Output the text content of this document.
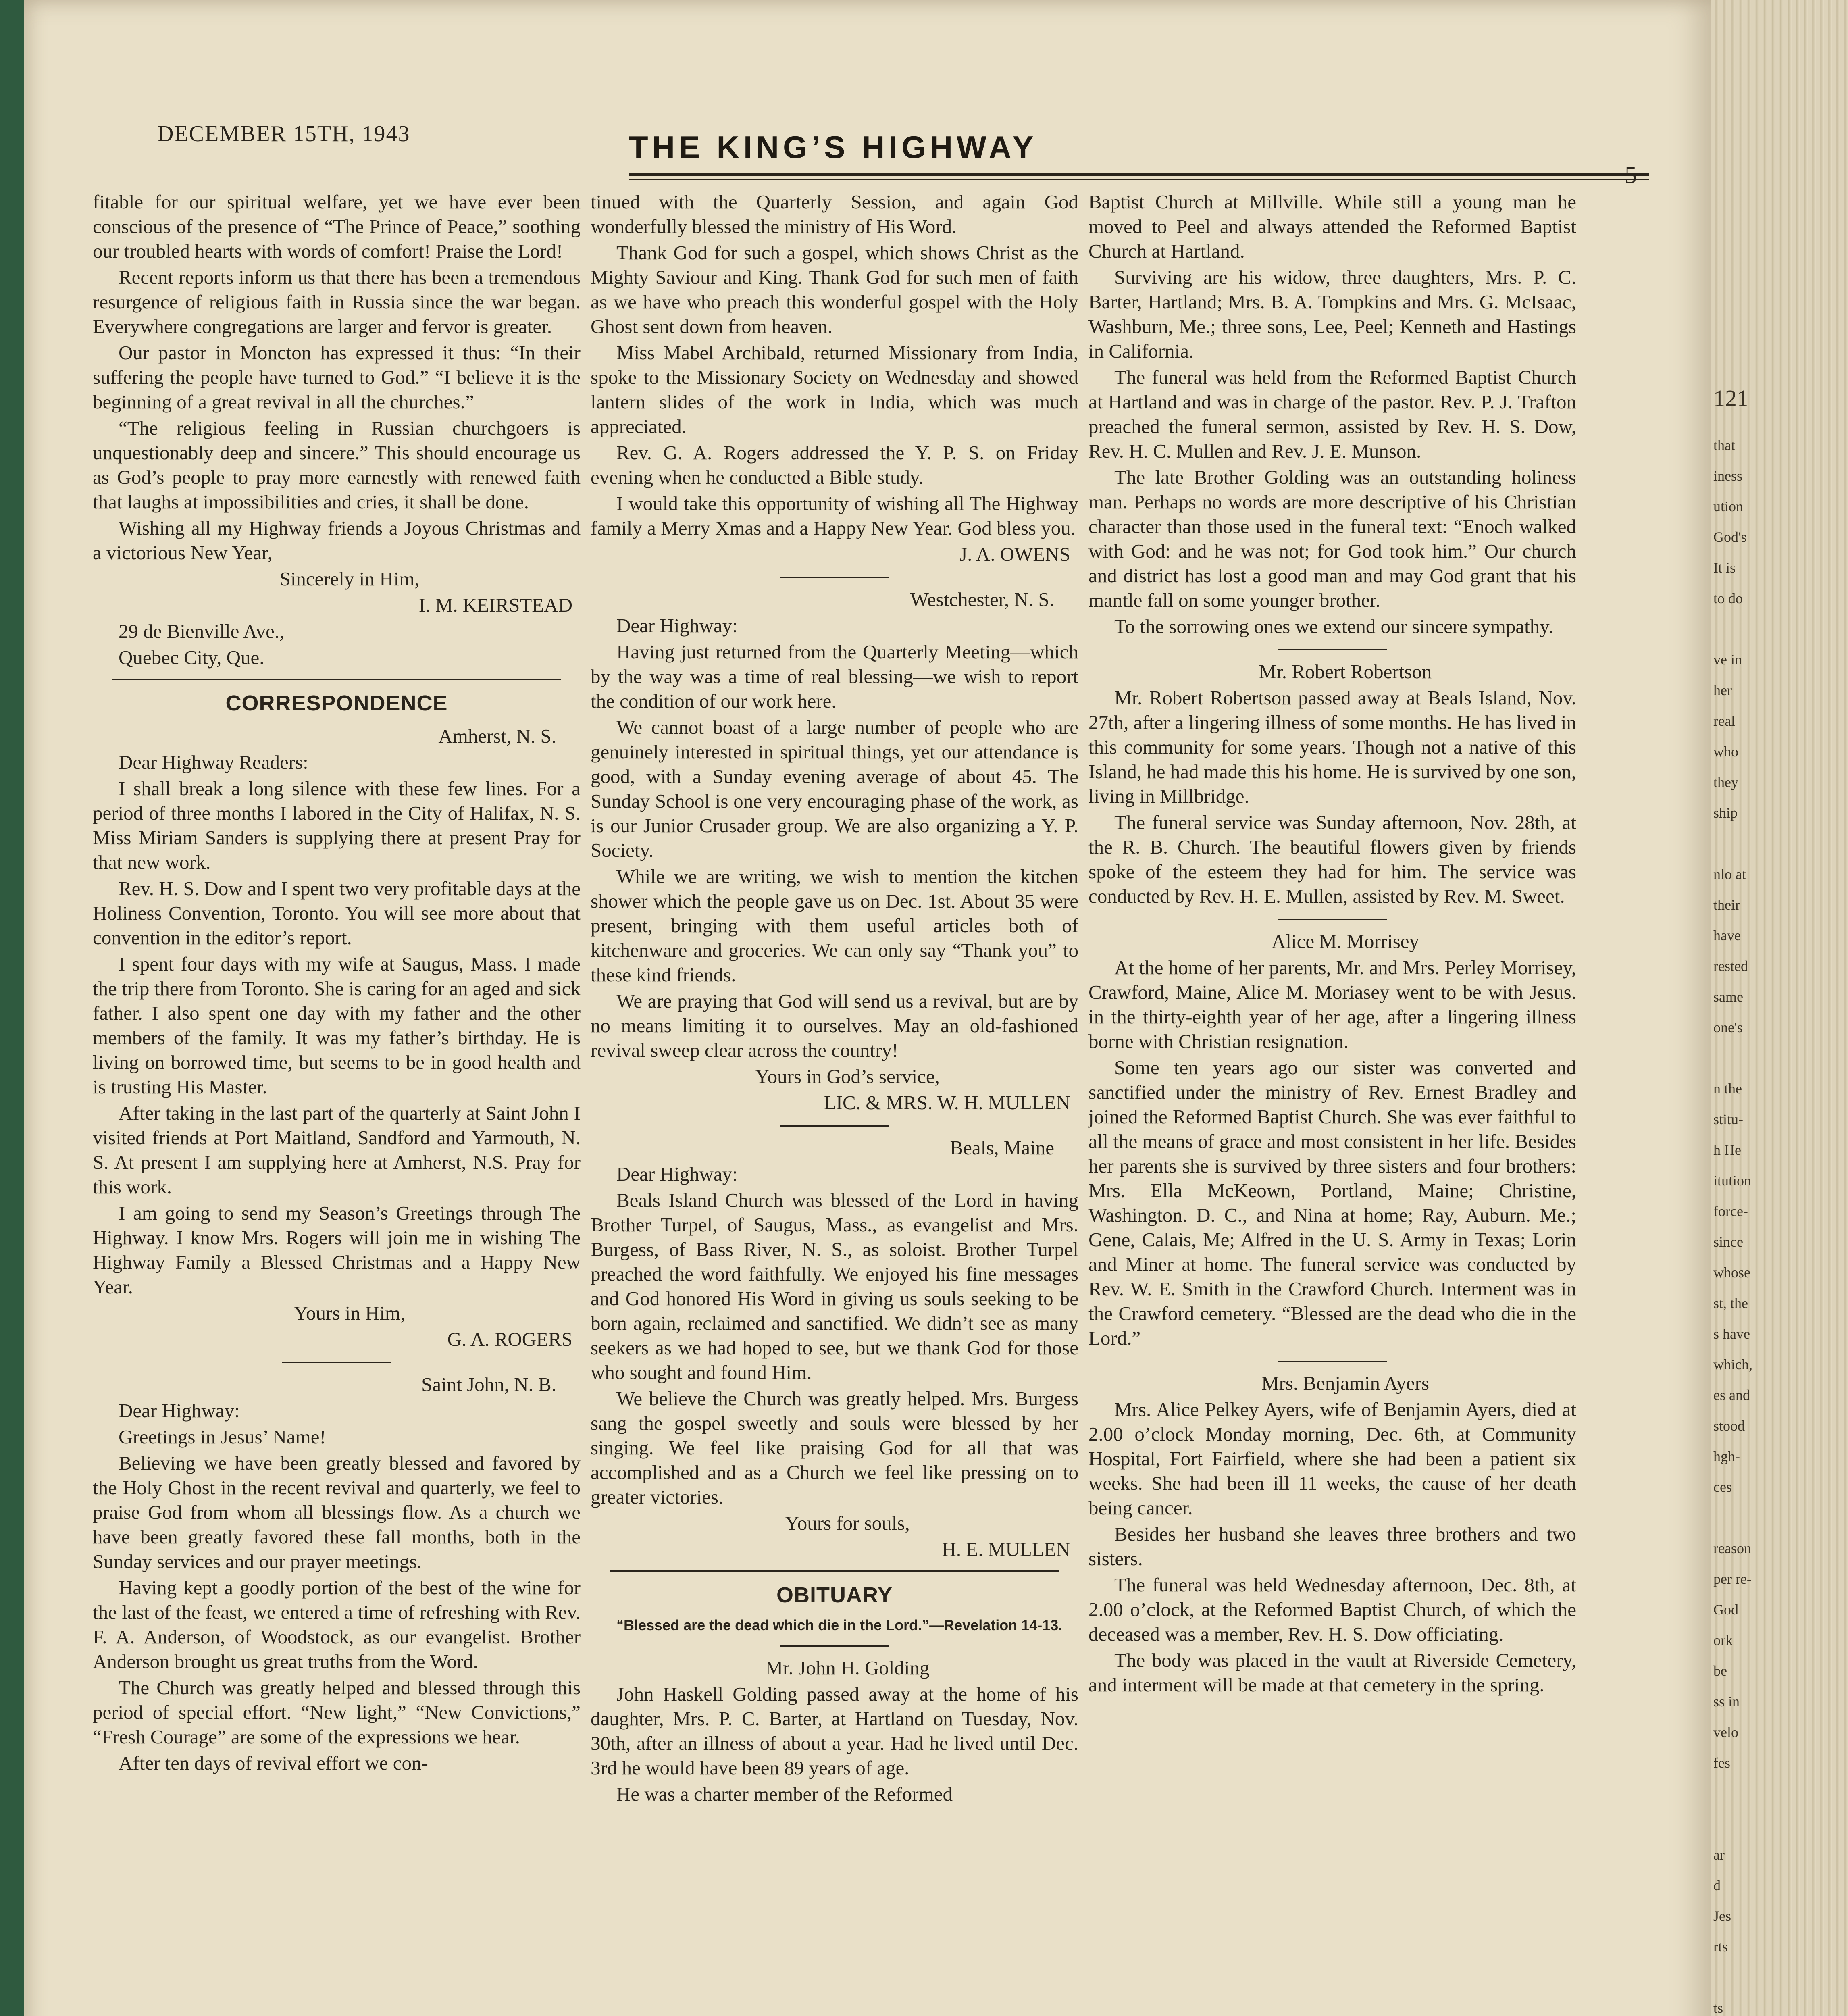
121
that
iness
ution
God's
It is
to do

ve in
her
real
who
they
ship

nlo at
their
have
rested
same
one's

n the
stitu-
h He
itution
force-
since
whose
st, the
s have
which,
es and
stood
hgh-
ces

reason
per re-
God
ork
be
ss in
velo
fes

ar
d
Jes
rts

ts

DECEMBER 15TH, 1943	THE KING’S HIGHWAY

fitable for our spiritual welfare, yet we have ever been conscious of the presence of “The Prince of Peace,” soothing our troubled hearts with words of comfort! Praise the Lord!

Recent reports inform us that there has been a tremendous resurgence of religious faith in Russia since the war began. Everywhere congregations are larger and fervor is greater.

Our pastor in Moncton has expressed it thus: “In their suffering the people have turned to God.” “I believe it is the beginning of a great revival in all the churches.”

“The religious feeling in Russian churchgoers is unquestionably deep and sincere.” This should encourage us as God’s people to pray more earnestly with renewed faith that laughs at impossibilities and cries, it shall be done.

Wishing all my Highway friends a Joyous Christmas and a victorious New Year,

Sincerely in Him,

I. M. KEIRSTEAD

29 de Bienville Ave.,

Quebec City, Que.

CORRESPONDENCE

Amherst, N. S.

Dear Highway Readers:

I shall break a long silence with these few lines. For a period of three months I labored in the City of Halifax, N. S. Miss Miriam Sanders is supplying there at present Pray for that new work.

Rev. H. S. Dow and I spent two very profitable days at the Holiness Convention, Toronto. You will see more about that convention in the editor’s report.

I spent four days with my wife at Saugus, Mass. I made the trip there from Toronto. She is caring for an aged and sick father. I also spent one day with my father and the other members of the family. It was my father’s birthday. He is living on borrowed time, but seems to be in good health and is trusting His Master.

After taking in the last part of the quarterly at Saint John I visited friends at Port Maitland, Sandford and Yarmouth, N. S. At present I am supplying here at Amherst, N.S. Pray for this work.

I am going to send my Season’s Greetings through The Highway. I know Mrs. Rogers will join me in wishing The Highway Family a Blessed Christmas and a Happy New Year.

Yours in Him,

G. A. ROGERS

Saint John, N. B.

Dear Highway:

Greetings in Jesus’ Name!

Believing we have been greatly blessed and favored by the Holy Ghost in the recent revival and quarterly, we feel to praise God from whom all blessings flow. As a church we have been greatly favored these fall months, both in the Sunday services and our prayer meetings.

Having kept a goodly portion of the best of the wine for the last of the feast, we entered a time of refreshing with Rev. F. A. Anderson, of Woodstock, as our evangelist. Brother Anderson brought us great truths from the Word.

The Church was greatly helped and blessed through this period of special effort. “New light,” “New Convictions,” “Fresh Courage” are some of the expressions we hear.

After ten days of revival effort we con-

tinued with the Quarterly Session, and again God wonderfully blessed the ministry of His Word.

Thank God for such a gospel, which shows Christ as the Mighty Saviour and King. Thank God for such men of faith as we have who preach this wonderful gospel with the Holy Ghost sent down from heaven.

Miss Mabel Archibald, returned Missionary from India, spoke to the Missionary Society on Wednesday and showed lantern slides of the work in India, which was much appreciated.

Rev. G. A. Rogers addressed the Y. P. S. on Friday evening when he conducted a Bible study.

I would take this opportunity of wishing all The Highway family a Merry Xmas and a Happy New Year. God bless you.

J. A. OWENS

Westchester, N. S.

Dear Highway:

Having just returned from the Quarterly Meeting—which by the way was a time of real blessing—we wish to report the condition of our work here.

We cannot boast of a large number of people who are genuinely interested in spiritual things, yet our attendance is good, with a Sunday evening average of about 45. The Sunday School is one very encouraging phase of the work, as is our Junior Crusader group. We are also organizing a Y. P. Society.

While we are writing, we wish to mention the kitchen shower which the people gave us on Dec. 1st. About 35 were present, bringing with them useful articles both of kitchenware and groceries. We can only say “Thank you” to these kind friends.

We are praying that God will send us a revival, but are by no means limiting it to ourselves. May an old-fashioned revival sweep clear across the country!

Yours in God’s service,

LIC. & MRS. W. H. MULLEN

Beals, Maine

Dear Highway:

Beals Island Church was blessed of the Lord in having Brother Turpel, of Saugus, Mass., as evangelist and Mrs. Burgess, of Bass River, N. S., as soloist. Brother Turpel preached the word faithfully. We enjoyed his fine messages and God honored His Word in giving us souls seeking to be born again, reclaimed and sanctified. We didn’t see as many seekers as we had hoped to see, but we thank God for those who sought and found Him.

We believe the Church was greatly helped. Mrs. Burgess sang the gospel sweetly and souls were blessed by her singing. We feel like praising God for all that was accomplished and as a Church we feel like pressing on to greater victories.

Yours for souls,

H. E. MULLEN

OBITUARY

“Blessed are the dead which die in the Lord.”—Revelation 14-13.

Mr. John H. Golding

John Haskell Golding passed away at the home of his daughter, Mrs. P. C. Barter, at Hartland on Tuesday, Nov. 30th, after an illness of about a year. Had he lived until Dec. 3rd he would have been 89 years of age.

He was a charter member of the Reformed

Baptist Church at Millville. While still a young man he moved to Peel and always attended the Reformed Baptist Church at Hartland.

Surviving are his widow, three daughters, Mrs. P. C. Barter, Hartland; Mrs. B. A. Tompkins and Mrs. G. McIsaac, Washburn, Me.; three sons, Lee, Peel; Kenneth and Hastings in California.

The funeral was held from the Reformed Baptist Church at Hartland and was in charge of the pastor. Rev. P. J. Trafton preached the funeral sermon, assisted by Rev. H. S. Dow, Rev. H. C. Mullen and Rev. J. E. Munson.

The late Brother Golding was an outstanding holiness man. Perhaps no words are more descriptive of his Christian character than those used in the funeral text: “Enoch walked with God: and he was not; for God took him.” Our church and district has lost a good man and may God grant that his mantle fall on some younger brother.

To the sorrowing ones we extend our sincere sympathy.

Mr. Robert Robertson

Mr. Robert Robertson passed away at Beals Island, Nov. 27th, after a lingering illness of some months. He has lived in this community for some years. Though not a native of this Island, he had made this his home. He is survived by one son, living in Millbridge.

The funeral service was Sunday afternoon, Nov. 28th, at the R. B. Church. The beautiful flowers given by friends spoke of the esteem they had for him. The service was conducted by Rev. H. E. Mullen, assisted by Rev. M. Sweet.

Alice M. Morrisey

At the home of her parents, Mr. and Mrs. Perley Morrisey, Crawford, Maine, Alice M. Moriasey went to be with Jesus. in the thirty-eighth year of her age, after a lingering illness borne with Christian resignation.

Some ten years ago our sister was converted and sanctified under the ministry of Rev. Ernest Bradley and joined the Reformed Baptist Church. She was ever faithful to all the means of grace and most consistent in her life. Besides her parents she is survived by three sisters and four brothers: Mrs. Ella McKeown, Portland, Maine; Christine, Washington. D. C., and Nina at home; Ray, Auburn. Me.; Gene, Calais, Me; Alfred in the U. S. Army in Texas; Lorin and Miner at home. The funeral service was conducted by Rev. W. E. Smith in the Crawford Church. Interment was in the Crawford cemetery. “Blessed are the dead who die in the Lord.”

Mrs. Benjamin Ayers

Mrs. Alice Pelkey Ayers, wife of Benjamin Ayers, died at 2.00 o’clock Monday morning, Dec. 6th, at Community Hospital, Fort Fairfield, where she had been a patient six weeks. She had been ill 11 weeks, the cause of her death being cancer.

Besides her husband she leaves three brothers and two sisters.

The funeral was held Wednesday afternoon, Dec. 8th, at 2.00 o’clock, at the Reformed Baptist Church, of which the deceased was a member, Rev. H. S. Dow officiating.

The body was placed in the vault at Riverside Cemetery, and interment will be made at that cemetery in the spring.
